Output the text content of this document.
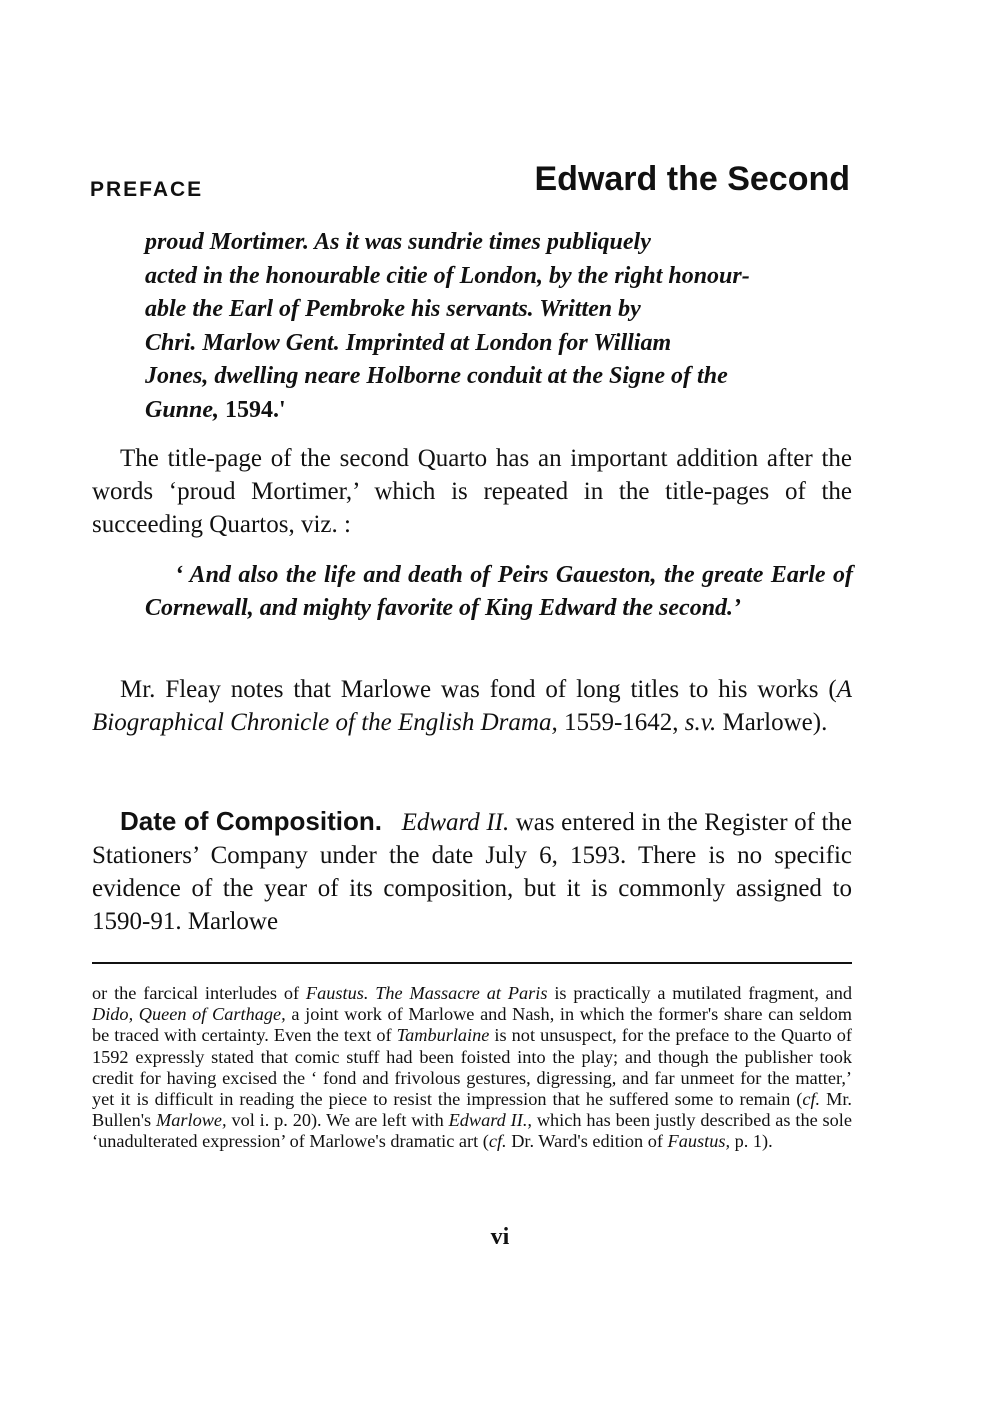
PREFACE	Edward the Second
proud Mortimer. As it was sundrie times publiquely
acted in the honourable citie of London, by the right honour-
able the Earl of Pembroke his servants. Written by
Chri. Marlow Gent. Imprinted at London for William
Jones, dwelling neare Holborne conduit at the Signe of the
Gunne, 1594.'

The title-page of the second Quarto has an important addition after the words ‘proud Mortimer,’ which is repeated in the title-pages of the succeeding Quartos, viz. :

‘ And also the life and death of Peirs Gaueston, the greate Earle of Cornewall, and mighty favorite of King Edward the second.’

Mr. Fleay notes that Marlowe was fond of long titles to his works (A Biographical Chronicle of the English Drama, 1559-1642, s.v. Marlowe).

Date of Composition. Edward II. was entered in the Register of the Stationers’ Company under the date July 6, 1593. There is no specific evidence of the year of its composition, but it is commonly assigned to 1590-91. Marlowe

or the farcical interludes of Faustus. The Massacre at Paris is practically a mutilated fragment, and Dido, Queen of Carthage, a joint work of Marlowe and Nash, in which the former's share can seldom be traced with certainty. Even the text of Tamburlaine is not unsuspect, for the preface to the Quarto of 1592 expressly stated that comic stuff had been foisted into the play; and though the publisher took credit for having excised the ‘ fond and frivolous gestures, digressing, and far unmeet for the matter,’ yet it is difficult in reading the piece to resist the impression that he suffered some to remain (cf. Mr. Bullen's Marlowe, vol i. p. 20). We are left with Edward II., which has been justly described as the sole ‘unadulterated expression’ of Marlowe's dramatic art (cf. Dr. Ward's edition of Faustus, p. 1).

vi
